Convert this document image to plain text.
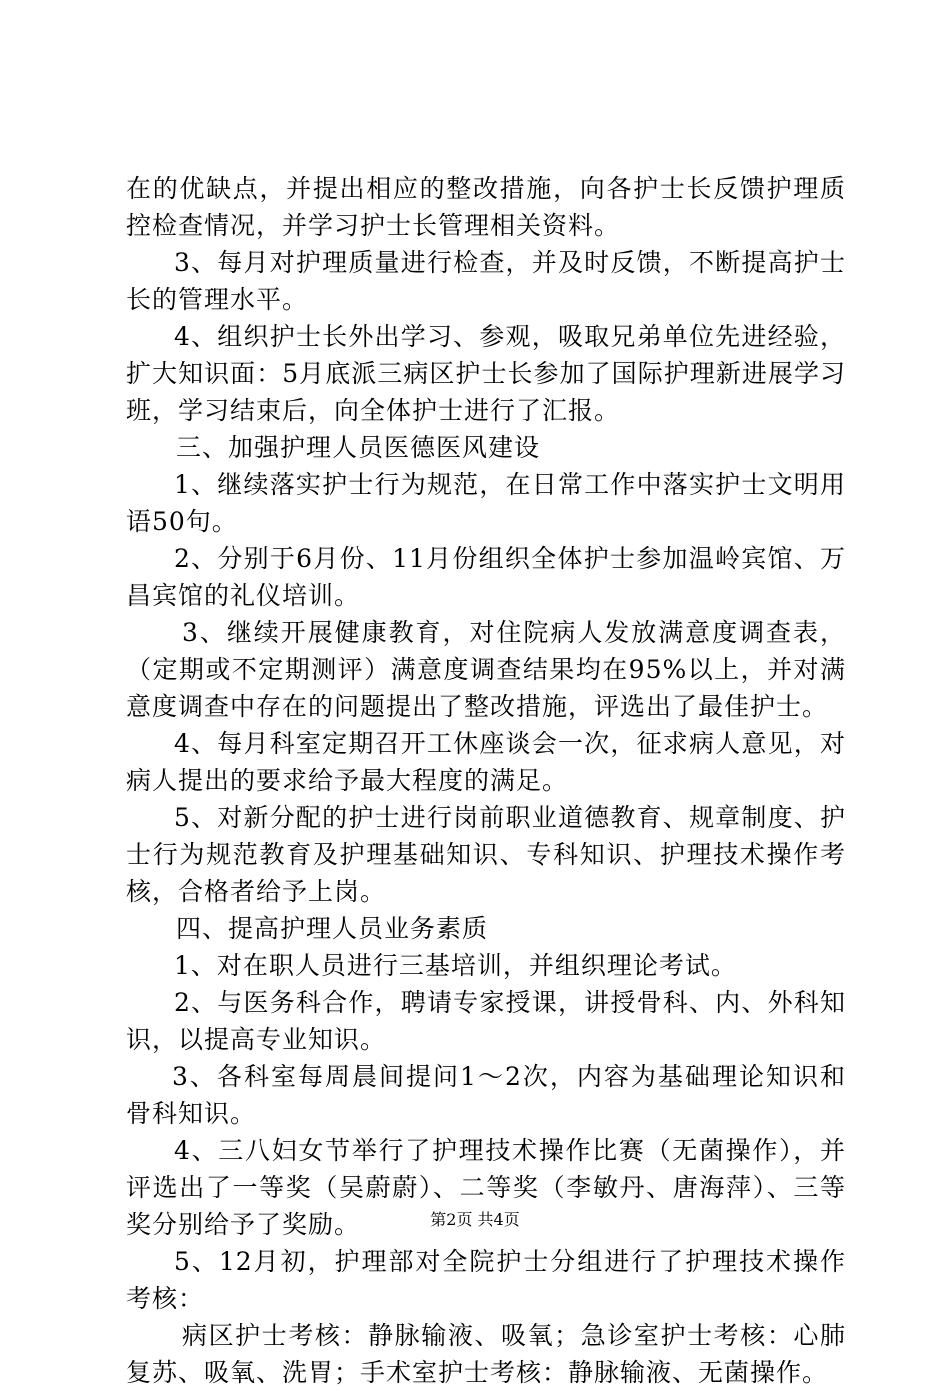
在的优缺点，并提出相应的整改措施，向各护士长反馈护理质控检查情况，并学习护士长管理相关资料。

3、每月对护理质量进行检查，并及时反馈，不断提高护士长的管理水平。

4、组织护士长外出学习、参观，吸取兄弟单位先进经验，扩大知识面：5月底派三病区护士长参加了国际护理新进展学习班，学习结束后，向全体护士进行了汇报。

三、加强护理人员医德医风建设

1、继续落实护士行为规范，在日常工作中落实护士文明用语50句。

2、分别于6月份、11月份组织全体护士参加温岭宾馆、万昌宾馆的礼仪培训。

3、继续开展健康教育，对住院病人发放满意度调查表，（定期或不定期测评）满意度调查结果均在95%以上，并对满意度调查中存在的问题提出了整改措施，评选出了最佳护士。

4、每月科室定期召开工休座谈会一次，征求病人意见，对病人提出的要求给予最大程度的满足。

5、对新分配的护士进行岗前职业道德教育、规章制度、护士行为规范教育及护理基础知识、专科知识、护理技术操作考核，合格者给予上岗。

四、提高护理人员业务素质

1、对在职人员进行三基培训，并组织理论考试。

2、与医务科合作，聘请专家授课，讲授骨科、内、外科知识，以提高专业知识。

3、各科室每周晨间提问1～2次，内容为基础理论知识和骨科知识。

4、三八妇女节举行了护理技术操作比赛（无菌操作），并评选出了一等奖（吴蔚蔚）、二等奖（李敏丹、唐海萍）、三等奖分别给予了奖励。

5、12月初，护理部对全院护士分组进行了护理技术操作考核：

病区护士考核：静脉输液、吸氧；急诊室护士考核：心肺复苏、吸氧、洗胃；手术室护士考核：静脉输液、无菌操作。

第2页 共4页
